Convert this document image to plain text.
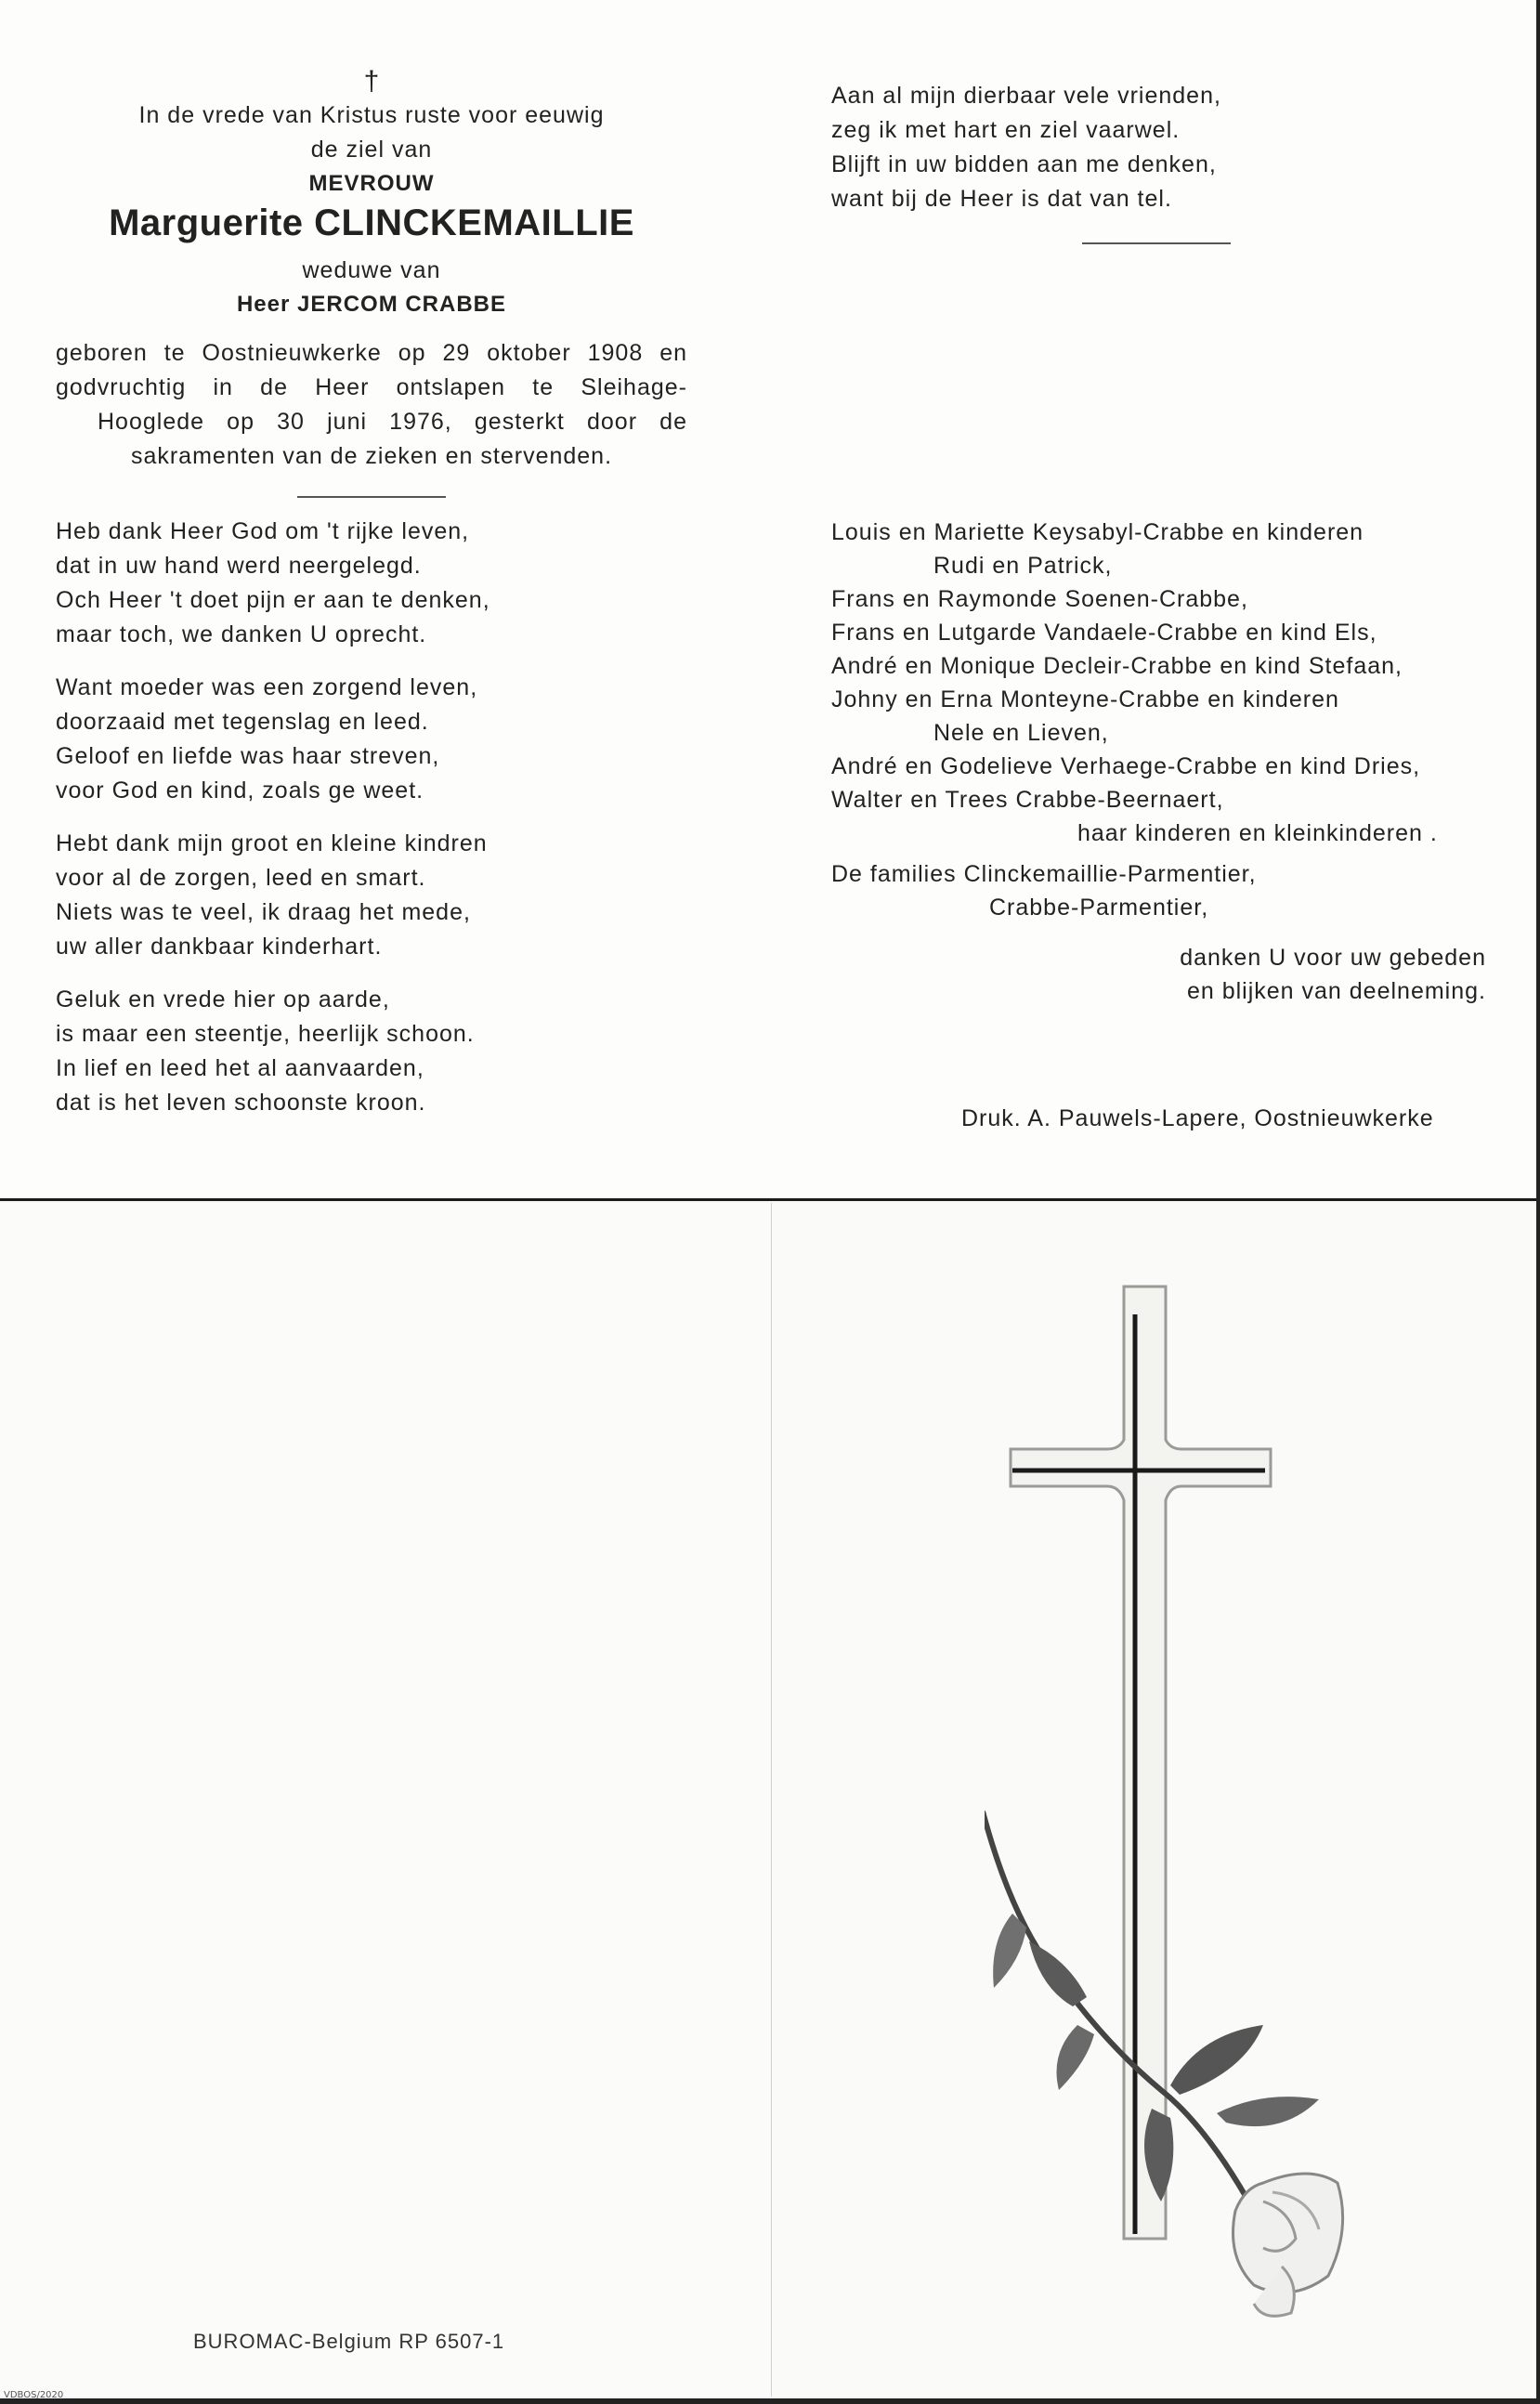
†
In de vrede van Kristus ruste voor eeuwig
de ziel van
MEVROUW
Marguerite CLINCKEMAILLIE
weduwe van
Heer JERCOM CRABBE
geboren te Oostnieuwkerke op 29 oktober 1908 en
godvruchtig in de Heer ontslapen te Sleihage-
Hooglede op 30 juni 1976, gesterkt door de
sakramenten van de zieken en stervenden.
Heb dank Heer God om 't rijke leven,
dat in uw hand werd neergelegd.
Och Heer 't doet pijn er aan te denken,
maar toch, we danken U oprecht.
Want moeder was een zorgend leven,
doorzaaid met tegenslag en leed.
Geloof en liefde was haar streven,
voor God en kind, zoals ge weet.
Hebt dank mijn groot en kleine kindren
voor al de zorgen, leed en smart.
Niets was te veel, ik draag het mede,
uw aller dankbaar kinderhart.
Geluk en vrede hier op aarde,
is maar een steentje, heerlijk schoon.
In lief en leed het al aanvaarden,
dat is het leven schoonste kroon.
Aan al mijn dierbaar vele vrienden,
zeg ik met hart en ziel vaarwel.
Blijft in uw bidden aan me denken,
want bij de Heer is dat van tel.
Louis en Mariette Keysabyl-Crabbe en kinderen
Rudi en Patrick,
Frans en Raymonde Soenen-Crabbe,
Frans en Lutgarde Vandaele-Crabbe en kind Els,
André en Monique Decleir-Crabbe en kind Stefaan,
Johny en Erna Monteyne-Crabbe en kinderen
Nele en Lieven,
André en Godelieve Verhaege-Crabbe en kind Dries,
Walter en Trees Crabbe-Beernaert,
haar kinderen en kleinkinderen .
De families Clinckemaillie-Parmentier,
Crabbe-Parmentier,
danken U voor uw gebeden
en blijken van deelneming.
Druk. A. Pauwels-Lapere, Oostnieuwkerke
BUROMAC-Belgium RP 6507-1
VDBOS/2020
